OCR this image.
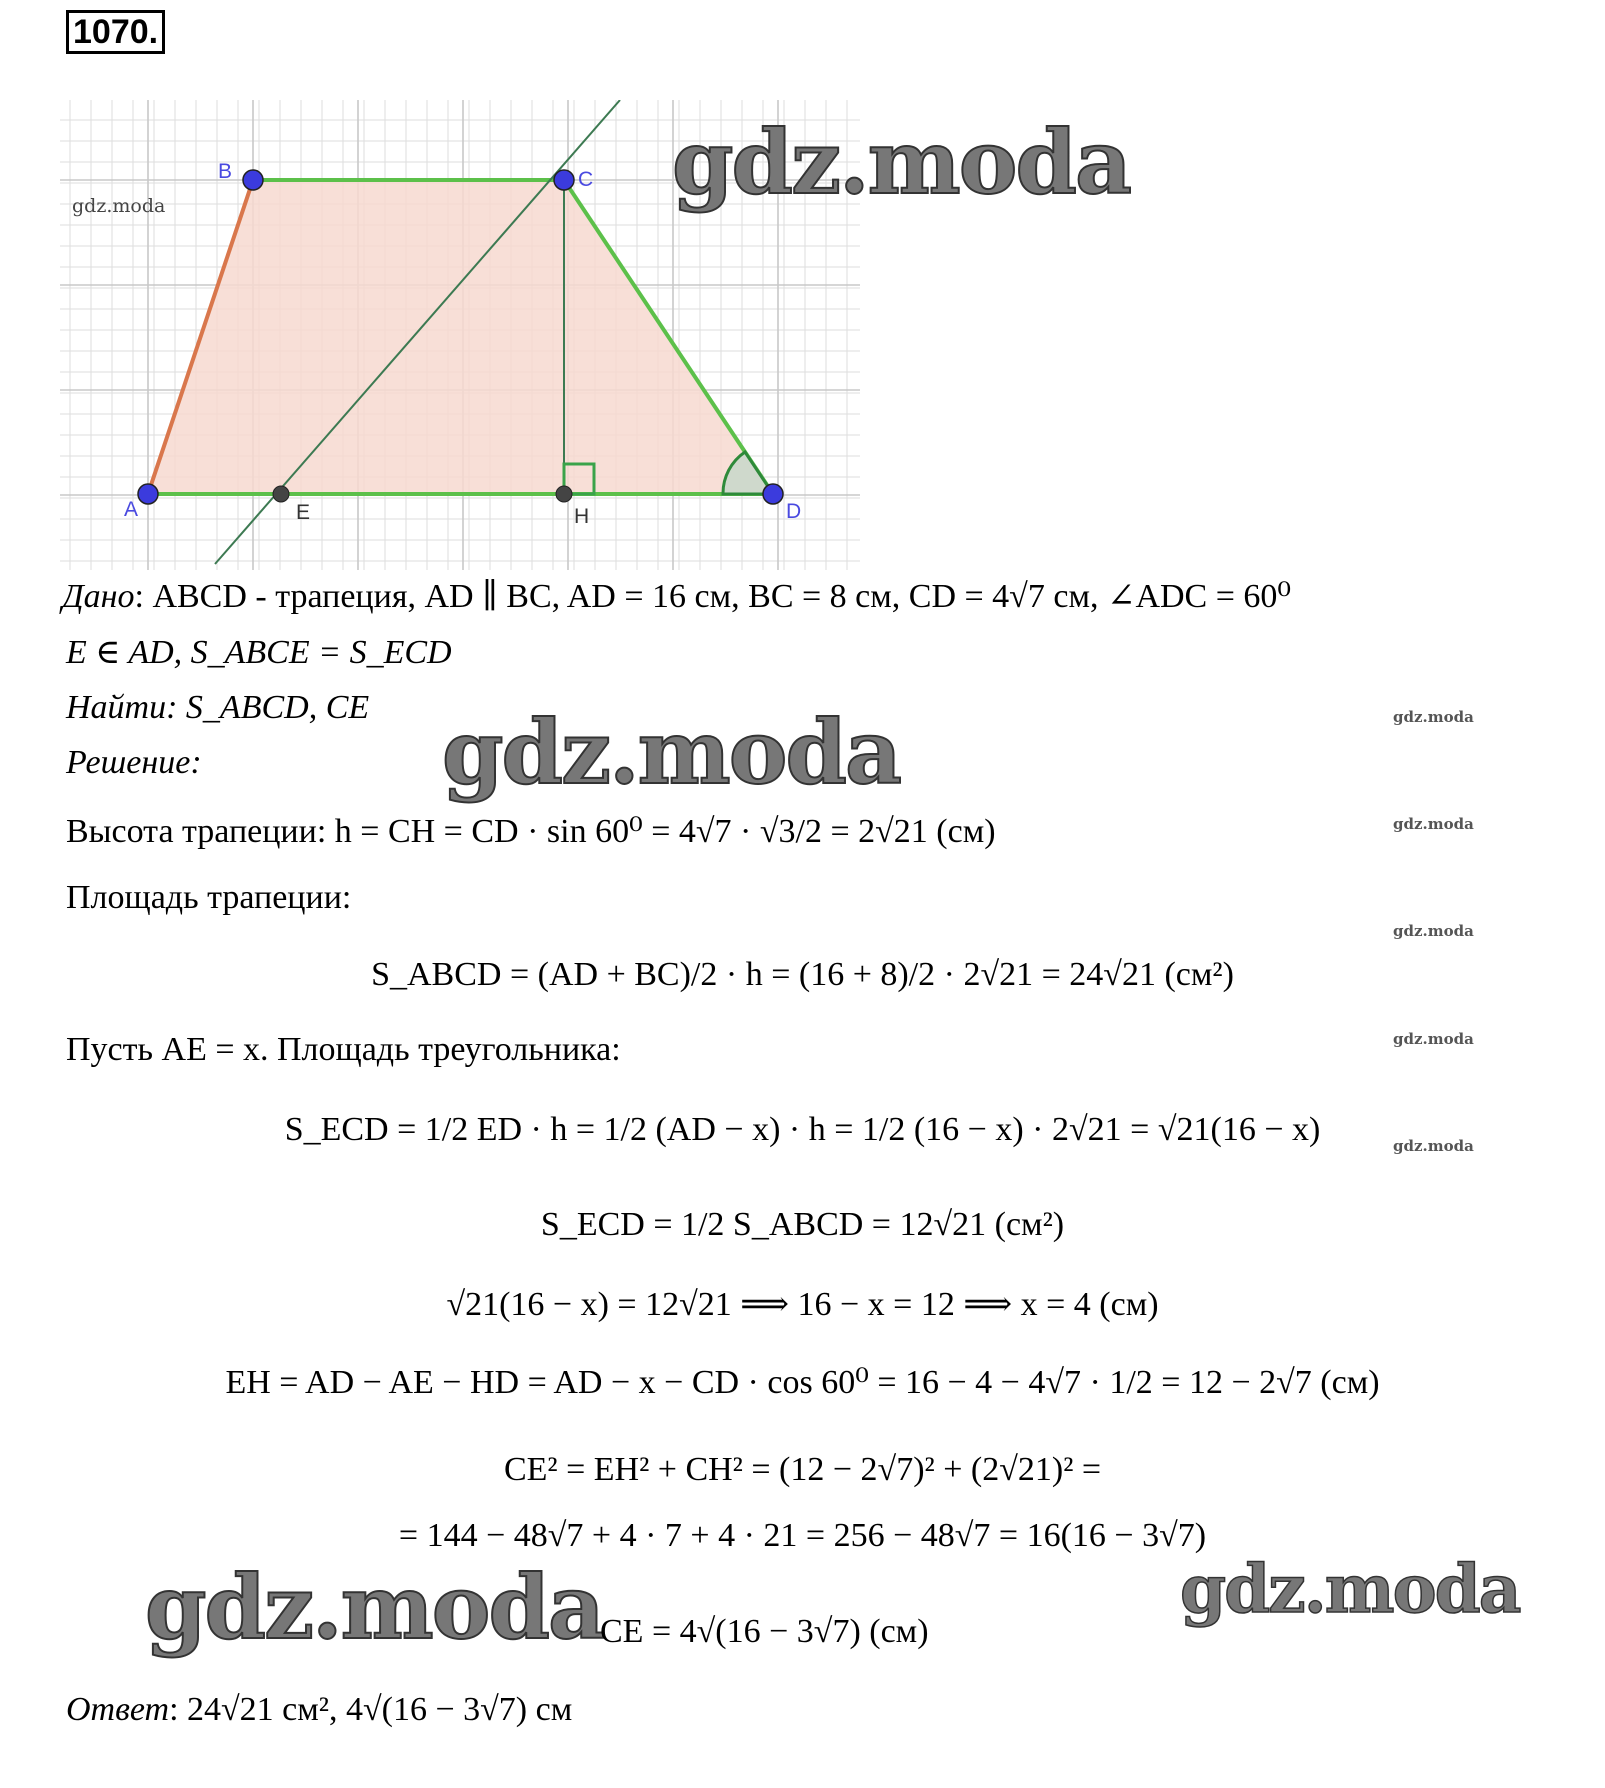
1070.
A
B	C
D
E	H
gdz.moda	gdz.moda
gdz.moda
gdz.moda	gdz.moda
gdz.moda
gdz.moda
gdz.moda
gdz.moda
gdz.moda
Дано: ABCD - трапеция, AD ∥ BC, AD = 16 см, BC = 8 см, CD = 4√7 см, ∠ADC = 60⁰
E ∈ AD, S_ABCE = S_ECD
Найти: S_ABCD, CE
Решение:
Высота трапеции: h = CH = CD · sin 60⁰ = 4√7 · √3/2 = 2√21 (см)
Площадь трапеции:
S_ABCD = (AD + BC)/2 · h = (16 + 8)/2 · 2√21 = 24√21 (см²)
Пусть AE = x. Площадь треугольника:
S_ECD = 1/2 ED · h = 1/2 (AD − x) · h = 1/2 (16 − x) · 2√21 = √21(16 − x)
S_ECD = 1/2 S_ABCD = 12√21 (см²)
√21(16 − x) = 12√21 ⟹ 16 − x = 12 ⟹ x = 4 (см)
EH = AD − AE − HD = AD − x − CD · cos 60⁰ = 16 − 4 − 4√7 · 1/2 = 12 − 2√7 (см)
CE² = EH² + CH² = (12 − 2√7)² + (2√21)² =
= 144 − 48√7 + 4 · 7 + 4 · 21 = 256 − 48√7 = 16(16 − 3√7)
CE = 4√(16 − 3√7) (см)
Ответ: 24√21 см², 4√(16 − 3√7) см
